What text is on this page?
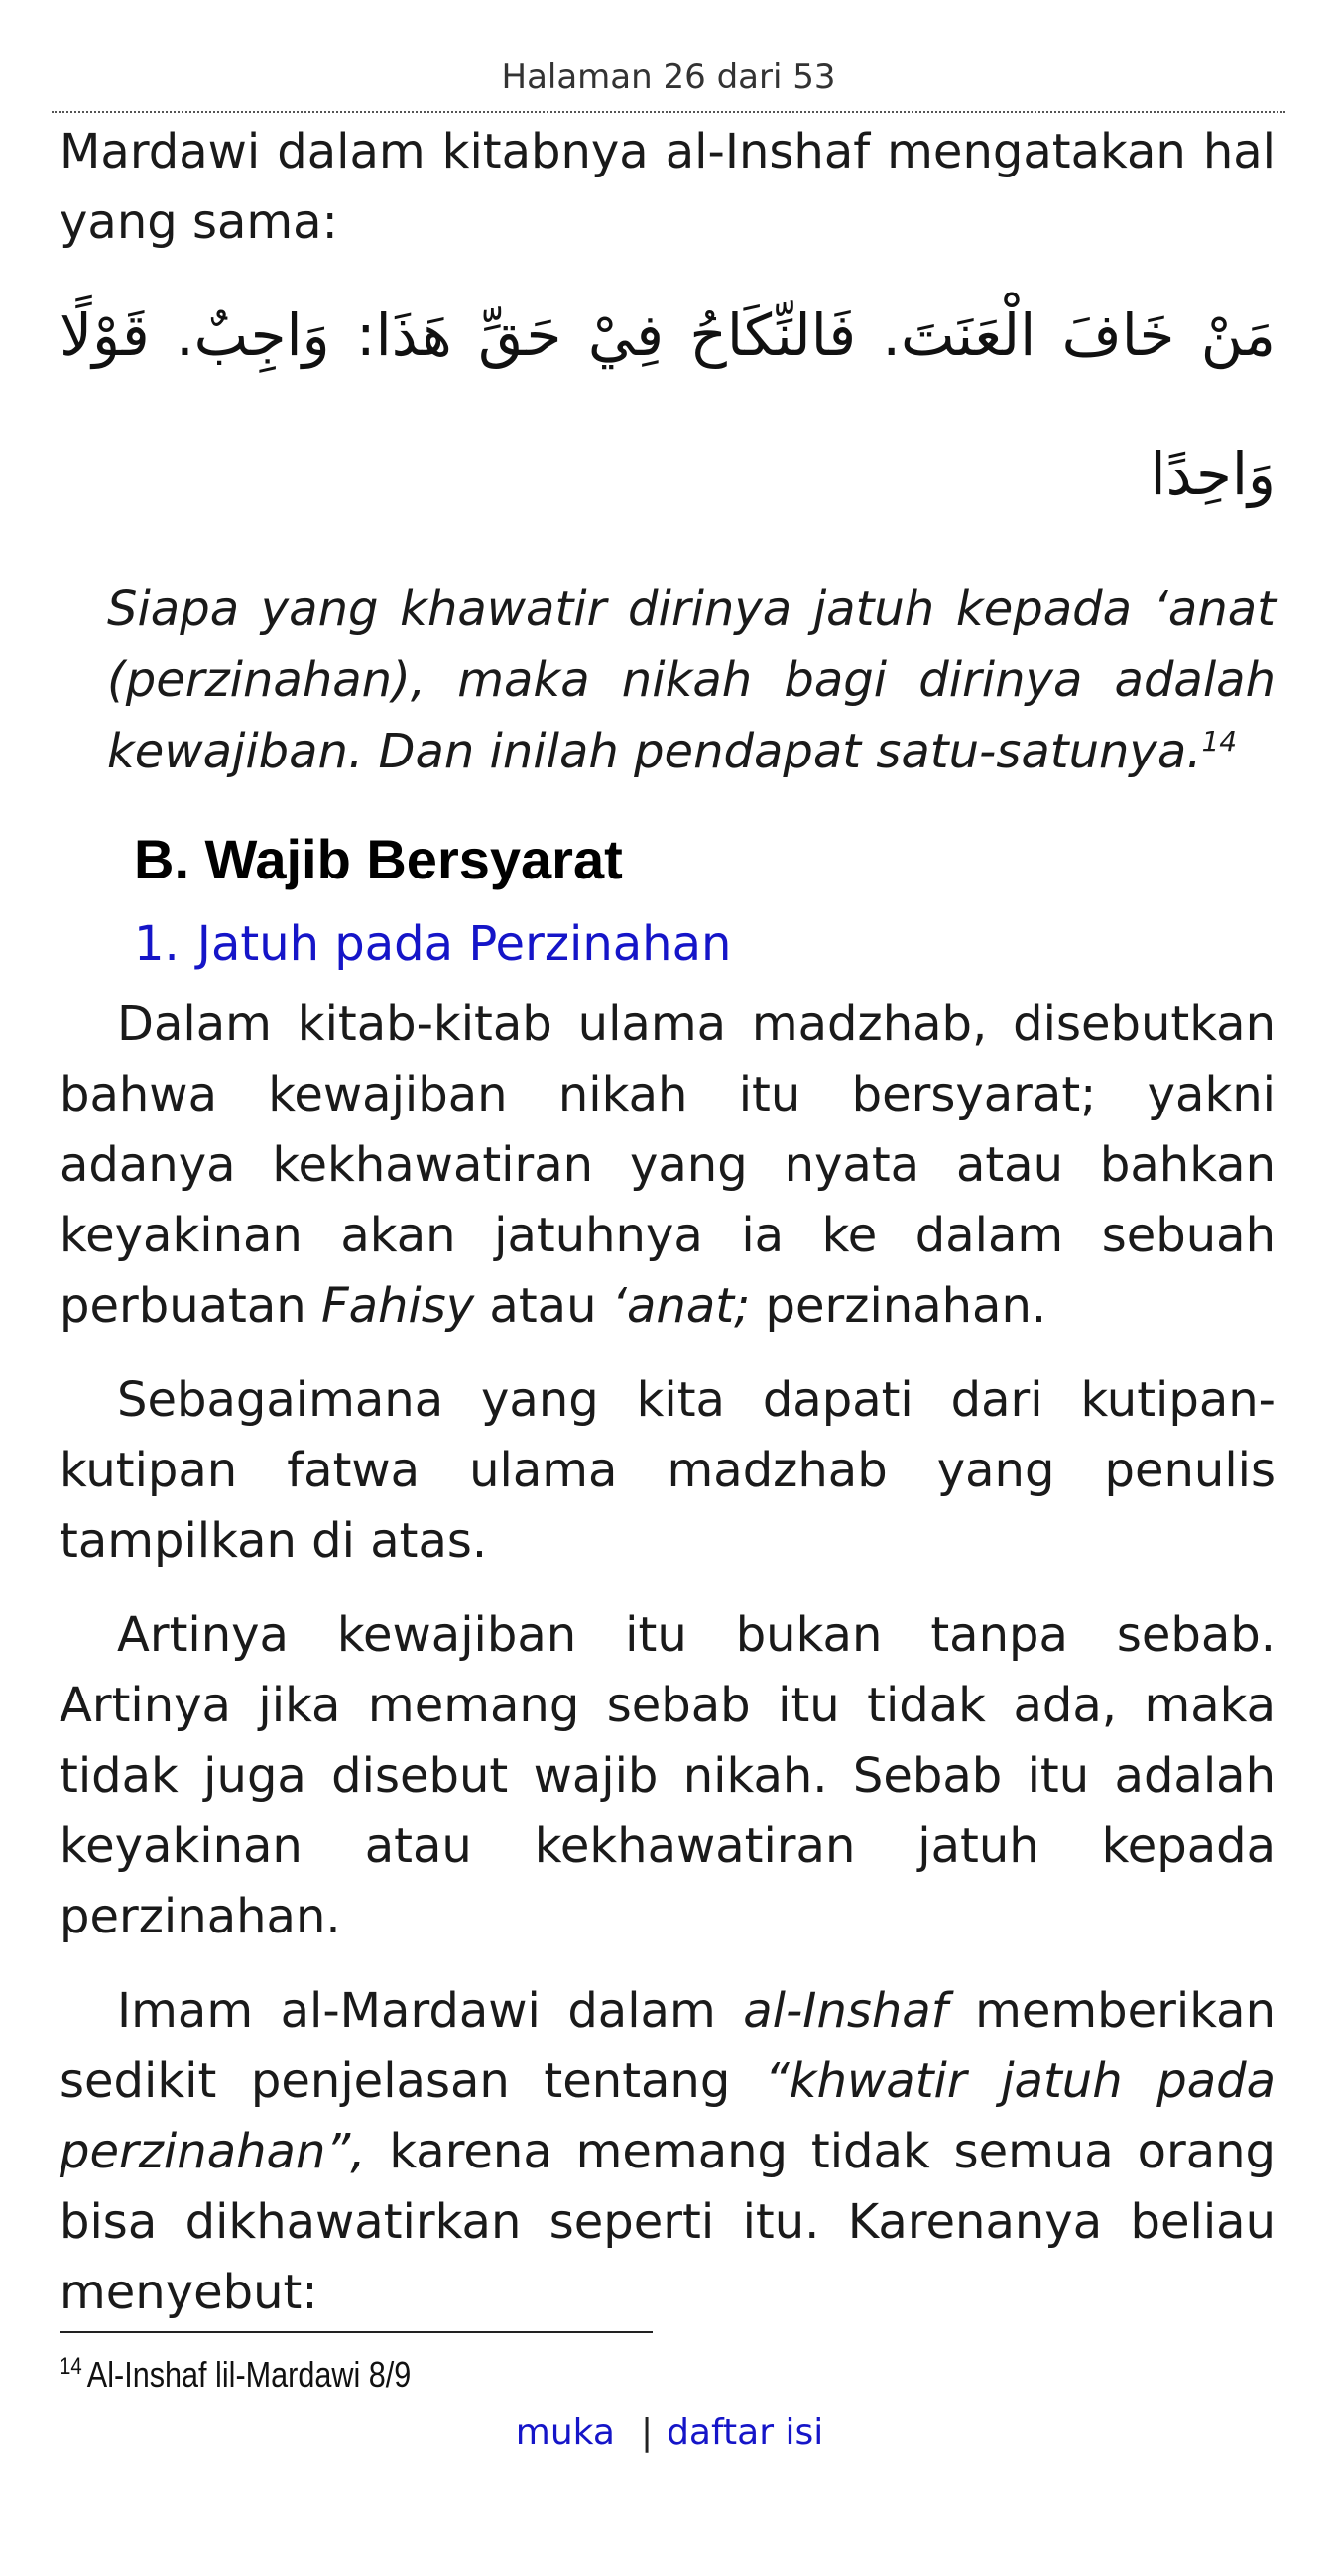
Halaman 26 dari 53

Mardawi dalam kitabnya al-Inshaf mengatakan hal yang sama:

مَنْ خَافَ الْعَنَتَ. فَالنِّكَاحُ فِيْ حَقِّ هَذَا: وَاجِبٌ. قَوْلًا وَاحِدًا

Siapa yang khawatir dirinya jatuh kepada ‘anat (perzinahan), maka nikah bagi dirinya adalah kewajiban. Dan inilah pendapat satu-satunya.$^{14}$

B. Wajib Bersyarat
1. Jatuh pada Perzinahan

Dalam kitab-kitab ulama madzhab, disebutkan bahwa kewajiban nikah itu bersyarat; yakni adanya kekhawatiran yang nyata atau bahkan keyakinan akan jatuhnya ia ke dalam sebuah perbuatan Fahisy atau ‘anat; perzinahan.

Sebagaimana yang kita dapati dari kutipan-kutipan fatwa ulama madzhab yang penulis tampilkan di atas.

Artinya kewajiban itu bukan tanpa sebab. Artinya jika memang sebab itu tidak ada, maka tidak juga disebut wajib nikah. Sebab itu adalah keyakinan atau kekhawatiran jatuh kepada perzinahan.

Imam al-Mardawi dalam al-Inshaf memberikan sedikit penjelasan tentang “khwatir jatuh pada perzinahan”, karena memang tidak semua orang bisa dikhawatirkan seperti itu. Karenanya beliau menyebut:

$^{14}$ Al-Inshaf lil-Mardawi 8/9
muka | daftar isi
